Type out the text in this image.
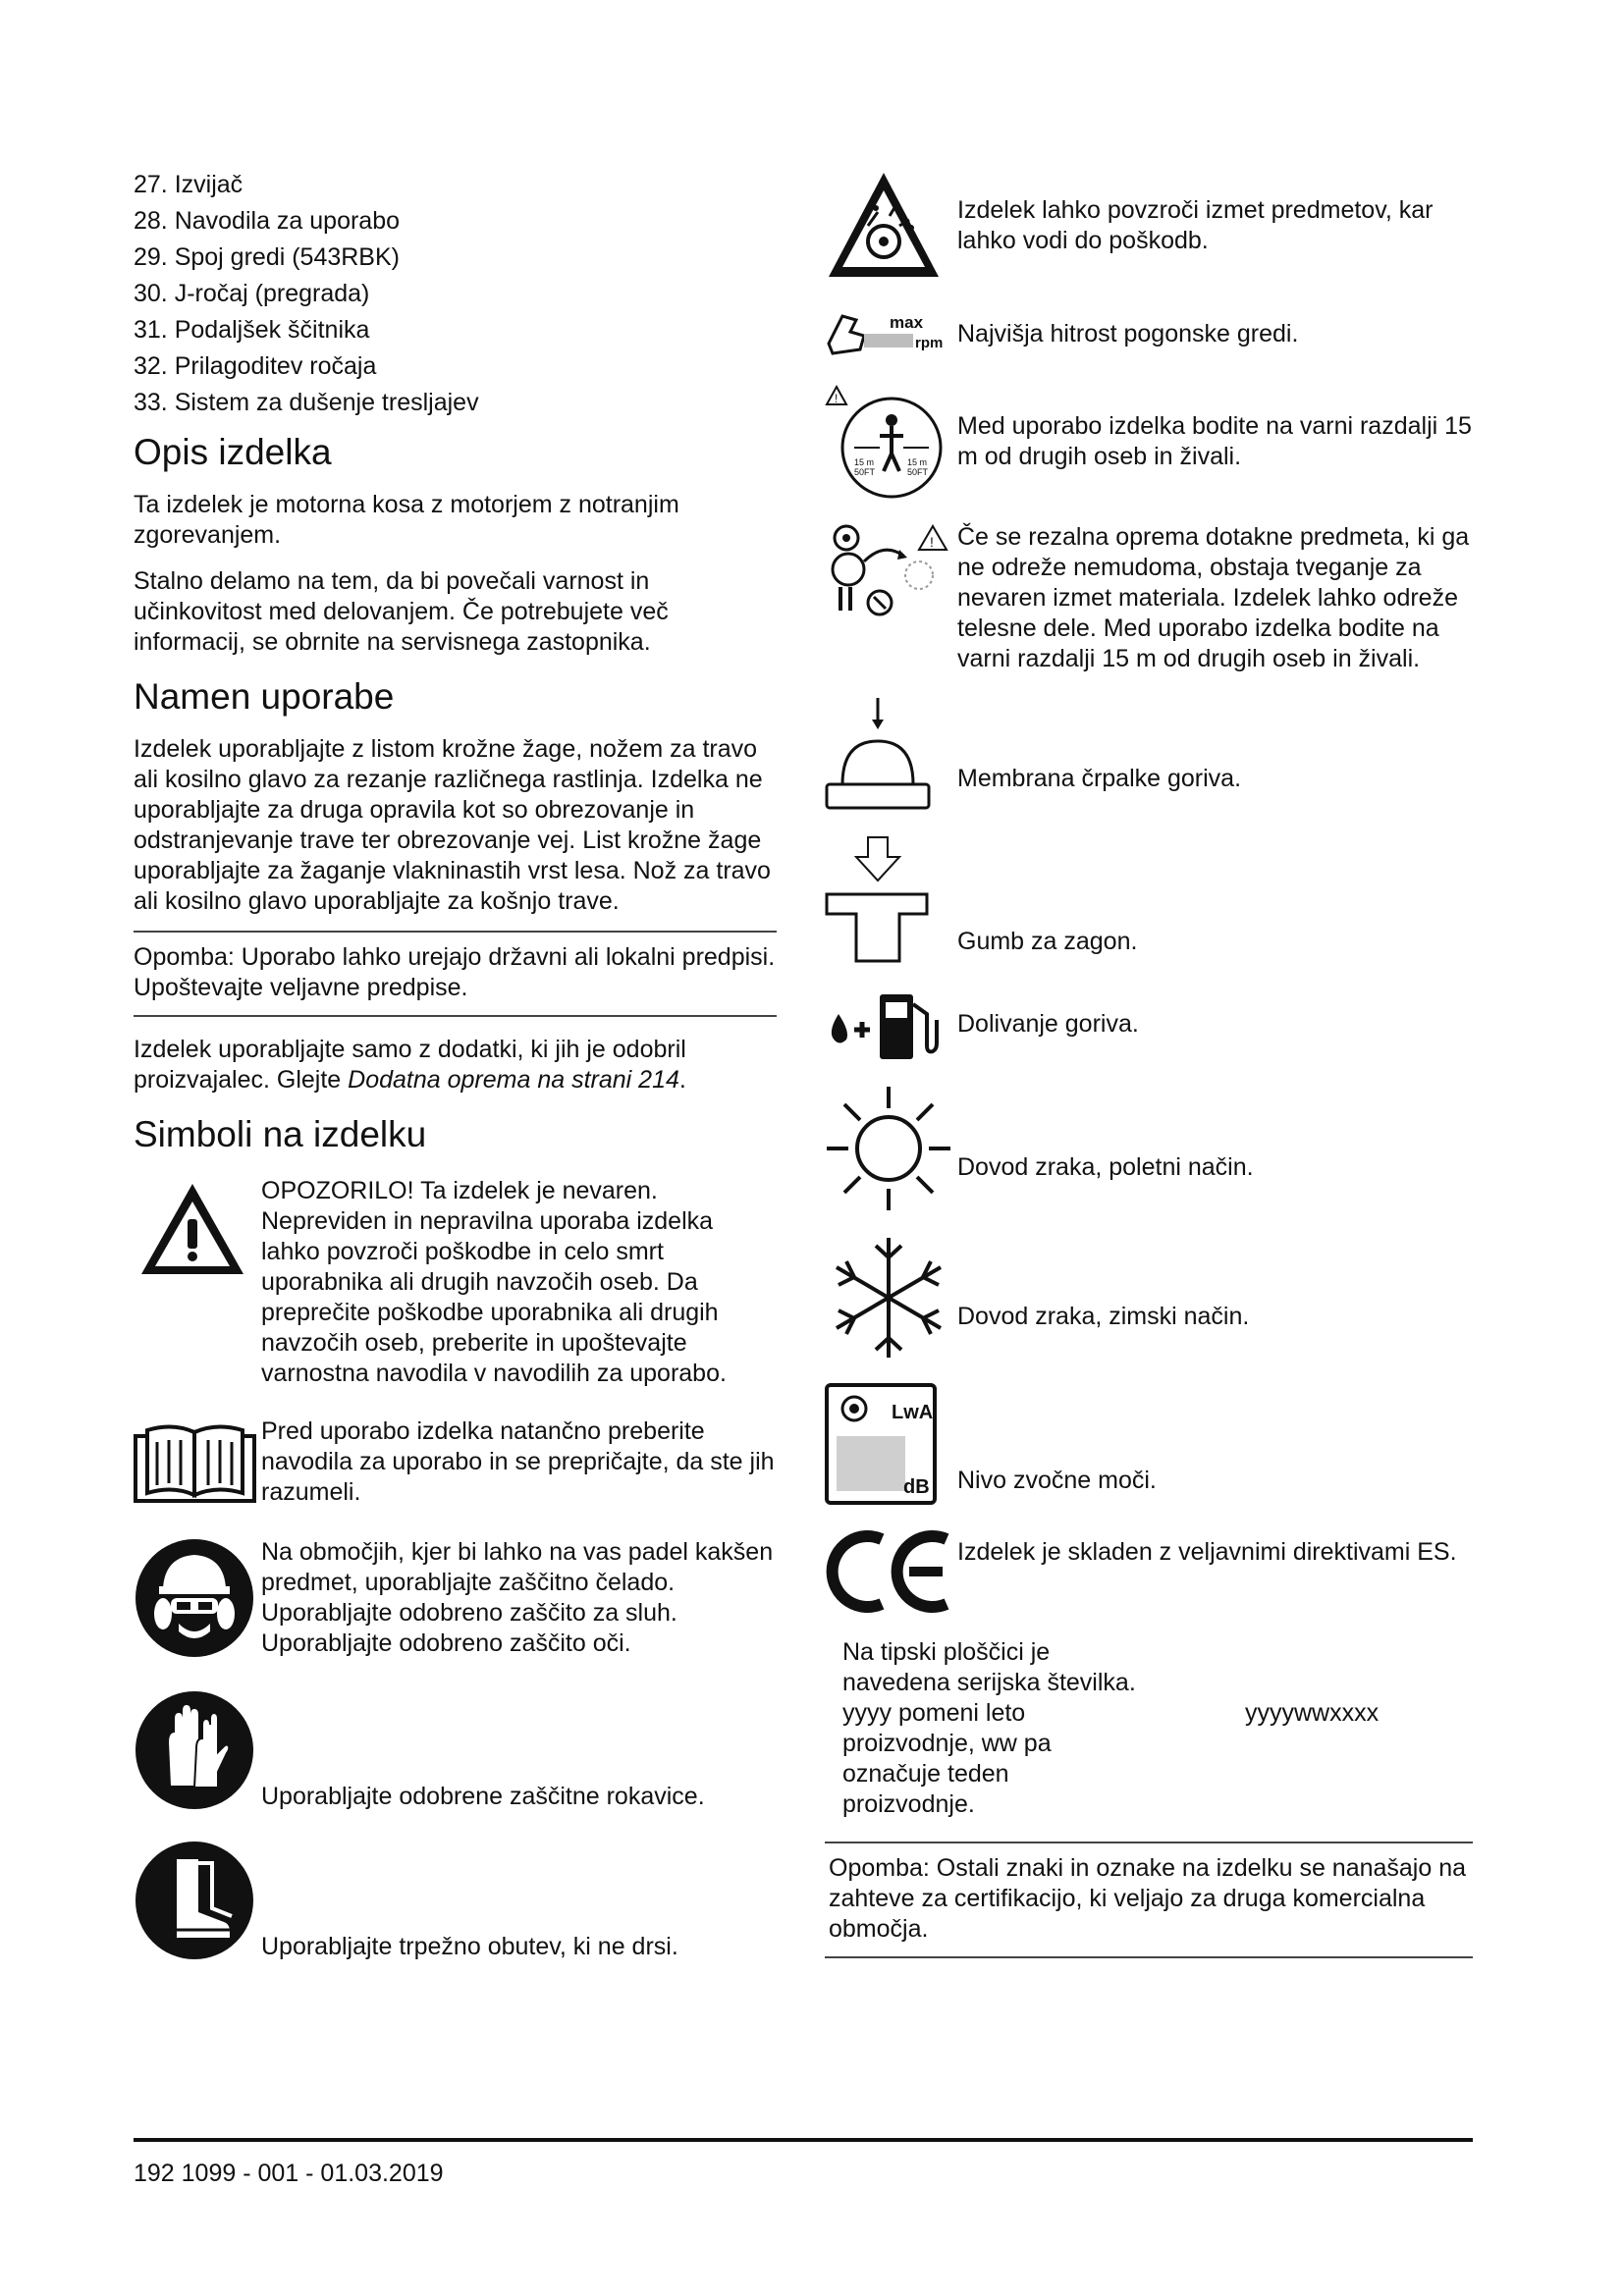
27. Izvijač
28. Navodila za uporabo
29. Spoj gredi (543RBK)
30. J-ročaj (pregrada)
31. Podaljšek ščitnika
32. Prilagoditev ročaja
33. Sistem za dušenje tresljajev
Opis izdelka

Ta izdelek je motorna kosa z motorjem z notranjim zgorevanjem.

Stalno delamo na tem, da bi povečali varnost in učinkovitost med delovanjem. Če potrebujete več informacij, se obrnite na servisnega zastopnika.

Namen uporabe

Izdelek uporabljajte z listom krožne žage, nožem za travo ali kosilno glavo za rezanje različnega rastlinja. Izdelka ne uporabljajte za druga opravila kot so obrezovanje in odstranjevanje trave ter obrezovanje vej. List krožne žage uporabljajte za žaganje vlakninastih vrst lesa. Nož za travo ali kosilno glavo uporabljajte za košnjo trave.

Opomba: Uporabo lahko urejajo državni ali lokalni predpisi. Upoštevajte veljavne predpise.

Izdelek uporabljajte samo z dodatki, ki jih je odobril proizvajalec. Glejte Dodatna oprema na strani 214.

Simboli na izdelku
OPOZORILO! Ta izdelek je nevaren. Nepreviden in nepravilna uporaba izdelka lahko povzroči poškodbe in celo smrt uporabnika ali drugih navzočih oseb. Da preprečite poškodbe uporabnika ali drugih navzočih oseb, preberite in upoštevajte varnostna navodila v navodilih za uporabo.
Pred uporabo izdelka natančno preberite navodila za uporabo in se prepričajte, da ste jih razumeli.
Na območjih, kjer bi lahko na vas padel kakšen predmet, uporabljajte zaščitno čelado. Uporabljajte odobreno zaščito za sluh. Uporabljajte odobreno zaščito oči.
Uporabljajte odobrene zaščitne rokavice.
Uporabljajte trpežno obutev, ki ne drsi.
Izdelek lahko povzroči izmet predmetov, kar lahko vodi do poškodb.
max
rpm Najvišja hitrost pogonske gredi.
!
15 m
50FT
15 m
50FT
Med uporabo izdelka bodite na varni razdalji 15 m od drugih oseb in živali.
! Če se rezalna oprema dotakne predmeta, ki ga ne odreže nemudoma, obstaja tveganje za nevaren izmet materiala. Izdelek lahko odreže telesne dele. Med uporabo izdelka bodite na varni razdalji 15 m od drugih oseb in živali.
Membrana črpalke goriva.
Gumb za zagon.
Dolivanje goriva.
Dovod zraka, poletni način.
Dovod zraka, zimski način.
LwA
dB Nivo zvočne moči.
Izdelek je skladen z veljavnimi direktivami ES.

Na tipski ploščici je navedena serijska številka. yyyy pomeni leto proizvodnje, ww pa označuje teden proizvodnje.

yyyywwxxxx

Opomba: Ostali znaki in oznake na izdelku se nanašajo na zahteve za certifikacijo, ki veljajo za druga komercialna območja.

192 1099 - 001 - 01.03.2019
